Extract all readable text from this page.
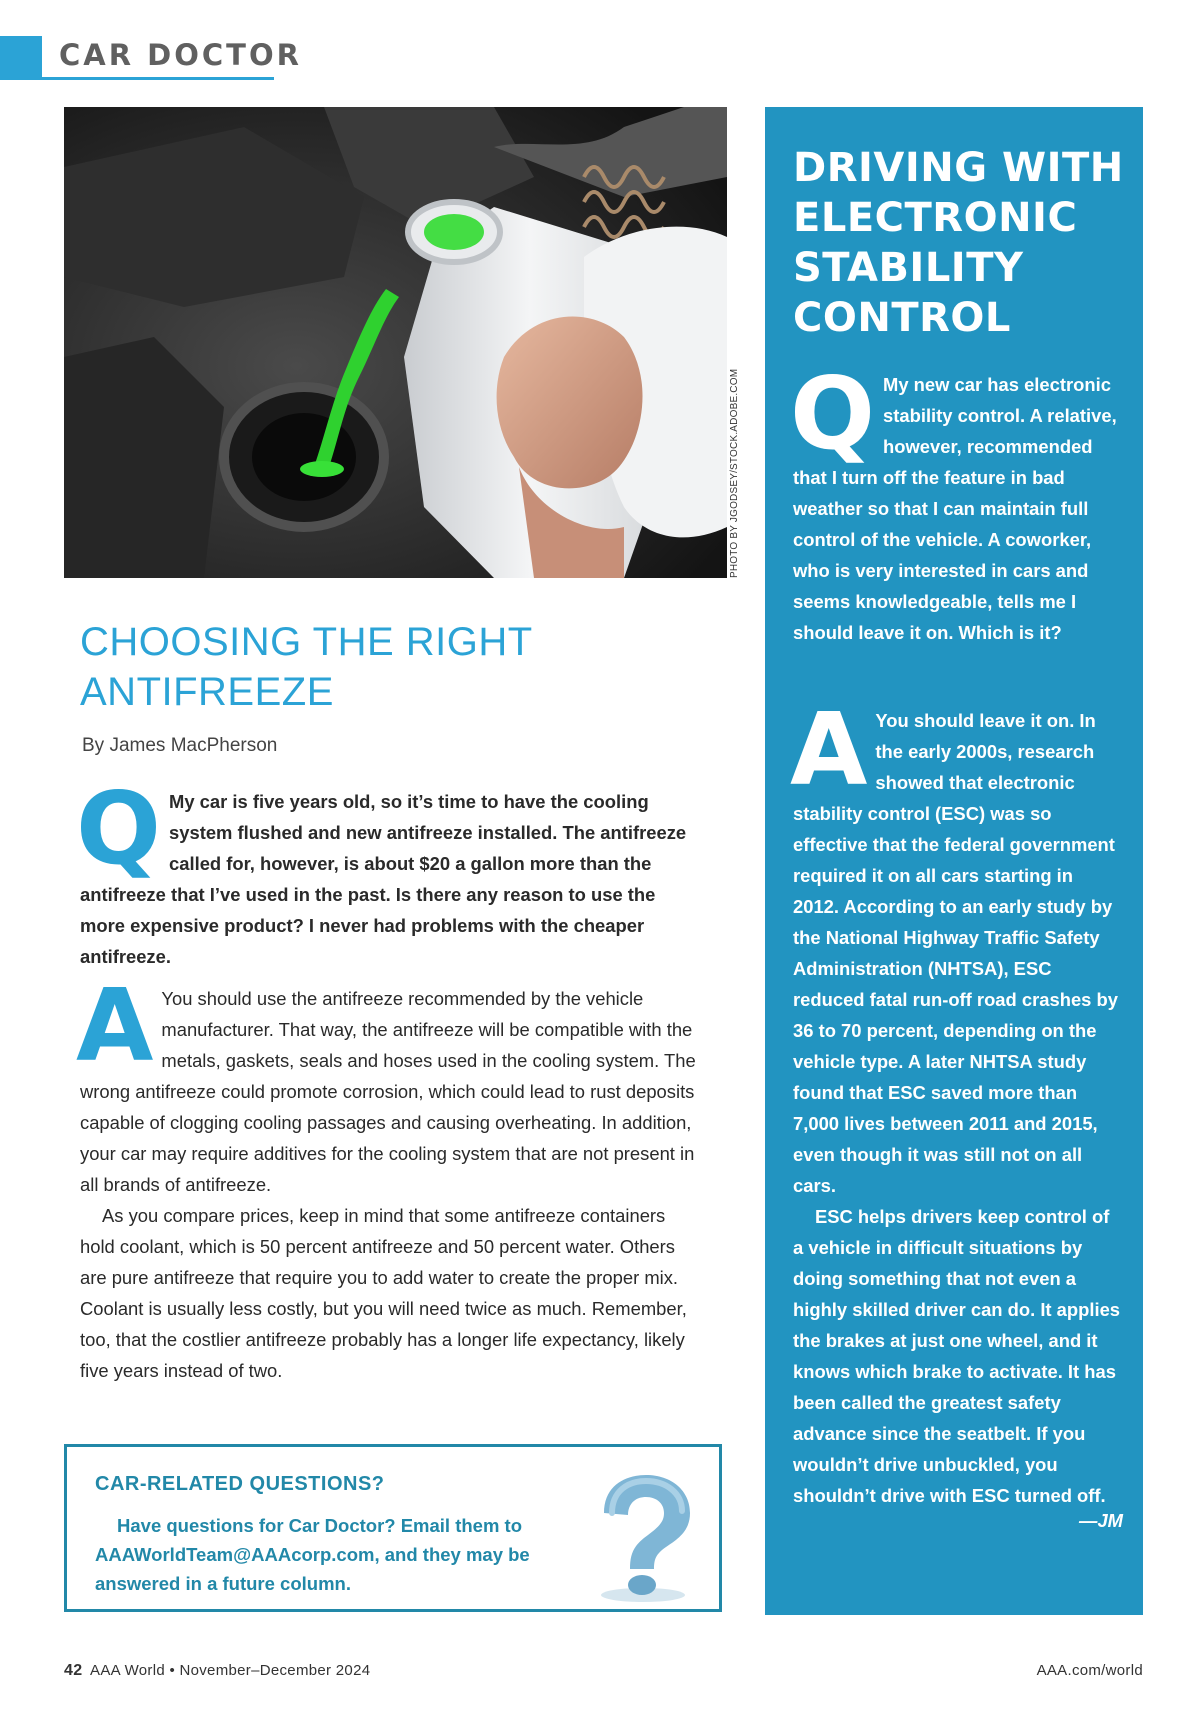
CAR DOCTOR
PHOTO BY JGODSEY/STOCK.ADOBE.COM
CHOOSING THE RIGHT ANTIFREEZE
By James MacPherson

Q My car is five years old, so it’s time to have the cooling system flushed and new antifreeze installed. The antifreeze called for, however, is about $20 a gallon more than the antifreeze that I’ve used in the past. Is there any reason to use the more expensive product? I never had problems with the cheaper antifreeze.

A You should use the antifreeze recommended by the vehicle manufacturer. That way, the antifreeze will be compatible with the metals, gaskets, seals and hoses used in the cooling system. The wrong antifreeze could promote corrosion, which could lead to rust deposits capable of clogging cooling passages and causing overheating. In addition, your car may require additives for the cooling system that are not present in all brands of antifreeze.
As you compare prices, keep in mind that some antifreeze containers hold coolant, which is 50 percent antifreeze and 50 percent water. Others are pure antifreeze that require you to add water to create the proper mix. Coolant is usually less costly, but you will need twice as much. Remember, too, that the costlier antifreeze probably has a longer life expectancy, likely five years instead of two.
CAR-RELATED QUESTIONS?
Have questions for Car Doctor? Email them to AAAWorldTeam@AAAcorp.com, and they may be answered in a future column.
DRIVING WITH ELECTRONIC STABILITY CONTROL

Q My new car has electronic stability control. A relative, however, recommended that I turn off the feature in bad weather so that I can maintain full control of the vehicle. A coworker, who is very interested in cars and seems knowledgeable, tells me I should leave it on. Which is it?

A You should leave it on. In the early 2000s, research showed that electronic stability control (ESC) was so effective that the federal government required it on all cars starting in 2012. According to an early study by the National Highway Traffic Safety Administration (NHTSA), ESC reduced fatal run-off road crashes by 36 to 70 percent, depending on the vehicle type. A later NHTSA study found that ESC saved more than 7,000 lives between 2011 and 2015, even though it was still not on all cars.
ESC helps drivers keep control of a vehicle in difficult situations by doing something that not even a highly skilled driver can do. It applies the brakes at just one wheel, and it knows which brake to activate. It has been called the greatest safety advance since the seatbelt. If you wouldn’t drive unbuckled, you shouldn’t drive with ESC turned off.
—JM
42 AAA World • November–December 2024	AAA.com/world
